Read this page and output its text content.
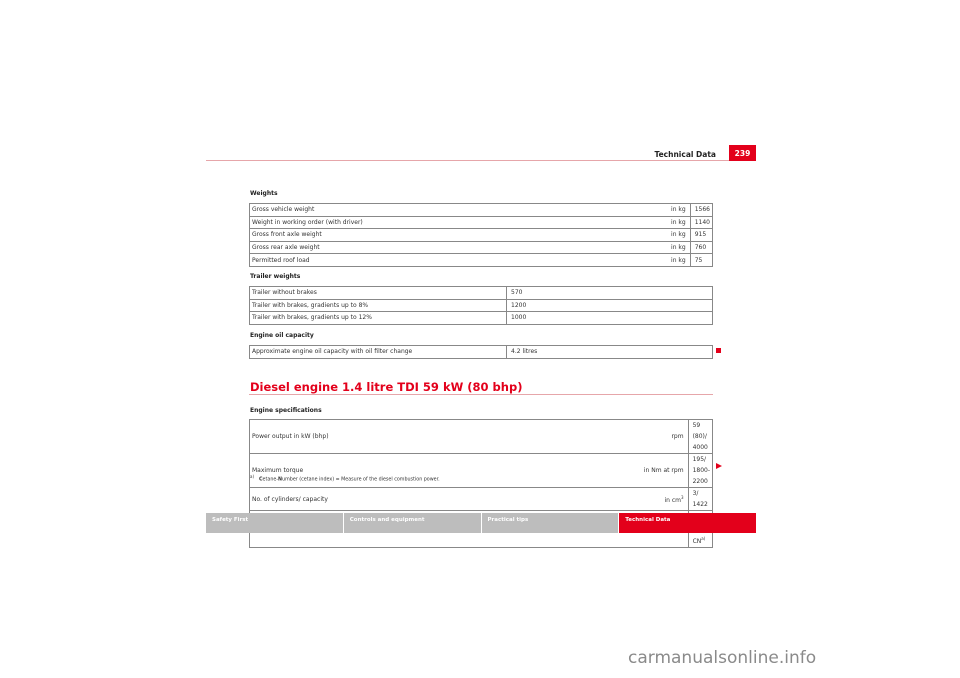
Technical Data	239
Weights
Gross vehicle weight	in kg	1566
Weight in working order (with driver)	in kg	1140
Gross front axle weight	in kg	915
Gross rear axle weight	in kg	760
Permitted roof load	in kg	75
Trailer weights
Trailer without brakes	570
Trailer with brakes, gradients up to 8%	1200
Trailer with brakes, gradients up to 12%	1000
Engine oil capacity
Approximate engine oil capacity with oil filter change	4.2 litres
Diesel engine 1.4 litre TDI 59 kW (80 bhp)
Engine specifications
Power output in kW (bhp)	rpm	59 (80)/ 4000
Maximum torque	in Nm at rpm	195/ 1800-2200
No. of cylinders/ capacity	in $cm^3$	3/ 1422
		CN$^{a)}$
$^{a)}$Cetane-Number (cetane index) = Measure of the diesel combustion power.
Safety First	Controls and equipment	Practical tips	Technical Data
carmanualsonline.info
